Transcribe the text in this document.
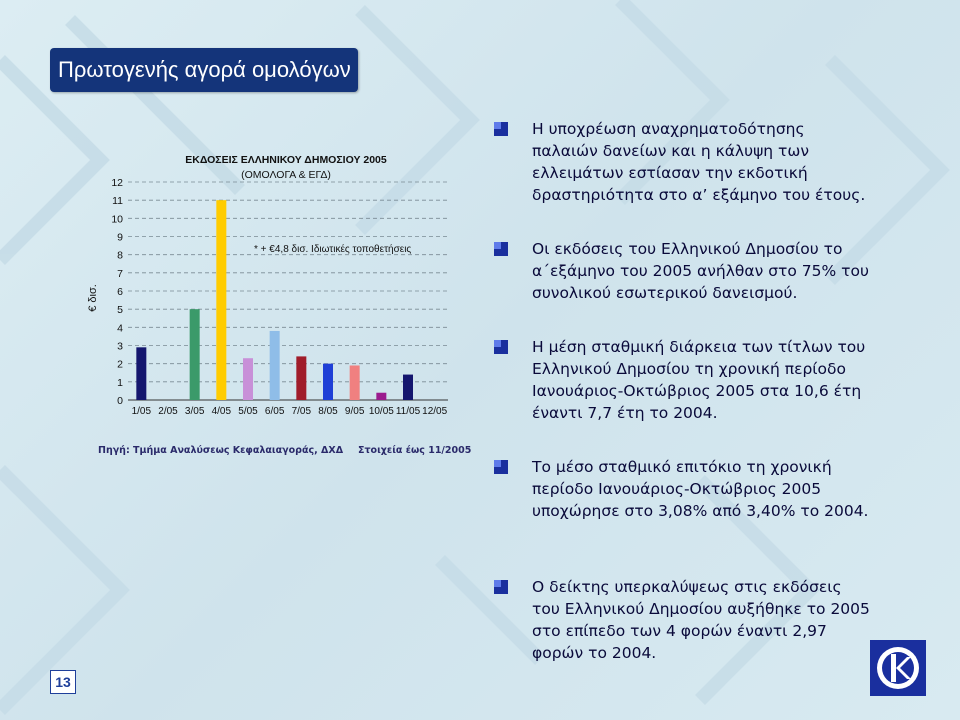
Πρωτογενής αγορά ομολόγων
0
1
2
3
4
5
6
7
8
9
10
11
12
1/05 2/05 3/05 4/05 5/05 6/05 7/05 8/05 9/05 10/05 11/05 12/05
€ δισ.
ΕΚΔΟΣΕΙΣ ΕΛΛΗΝΙΚΟΥ ΔΗΜΟΣΙΟΥ 2005
(ΟΜΟΛΟΓΑ & ΕΓΔ)
* + €4,8 δισ. Ιδιωτικές τοποθετήσεις
Πηγή: Τμήμα Αναλύσεως Κεφαλαιαγοράς, ΔΧΔ Στοιχεία έως 11/2005
Η υποχρέωση αναχρηματοδότησης παλαιών δανείων και η κάλυψη των ελλειμάτων εστίασαν την εκδοτική δραστηριότητα στο α’ εξάμηνο του έτους.
Οι εκδόσεις του Ελληνικού Δημοσίου το α΄εξάμηνο του 2005 ανήλθαν στο 75% του συνολικού εσωτερικού δανεισμού.
Η μέση σταθμική διάρκεια των τίτλων του Ελληνικού Δημοσίου τη χρονική περίοδο Ιανουάριος-Οκτώβριος 2005 στα 10,6 έτη έναντι 7,7 έτη το 2004.
Το μέσο σταθμικό επιτόκιο τη χρονική περίοδο Ιανουάριος-Οκτώβριος 2005 υποχώρησε στο 3,08% από 3,40% το 2004.
Ο δείκτης υπερκαλύψεως στις εκδόσεις του Ελληνικού Δημοσίου αυξήθηκε το 2005 στο επίπεδο των 4 φορών έναντι 2,97 φορών το 2004.
13
